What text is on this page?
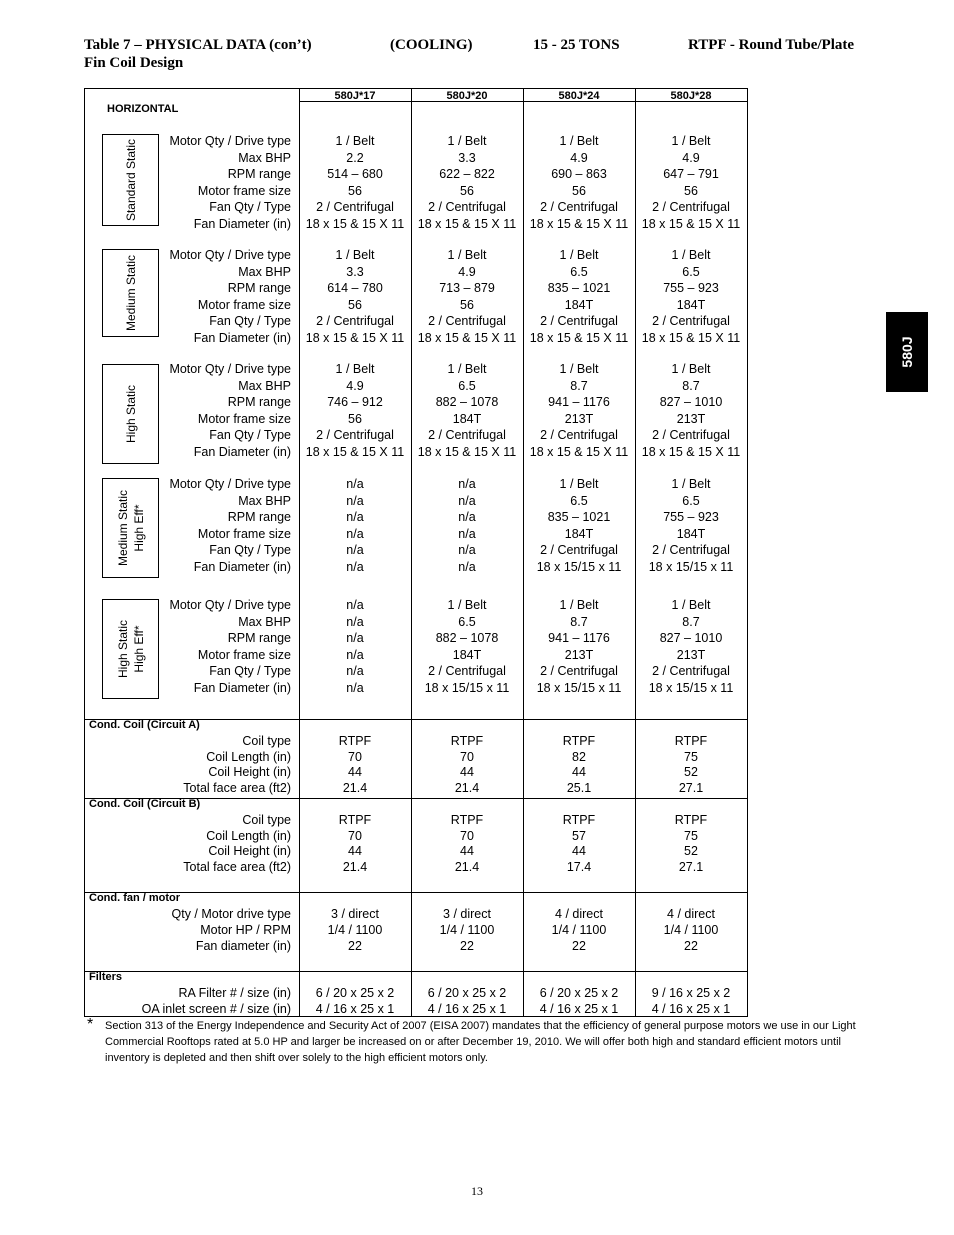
Table 7 – PHYSICAL DATA (con’t)	(COOLING)	15 - 25 TONS	RTPF - Round Tube/Plate
Fin Coil Design
580J
580J*17	580J*20	580J*24	580J*28
HORIZONTAL
Cond. Coil (Circuit A)
Cond. Coil (Circuit B)
Cond. fan / motor
Filters
Standard Static	Motor Qty / Drive type	1 / Belt	1 / Belt	1 / Belt	1 / Belt
Max BHP	2.2	3.3	4.9	4.9
RPM range	514 – 680	622 – 822	690 – 863	647 – 791
Motor frame size	56	56	56	56
Fan Qty / Type	2 / Centrifugal	2 / Centrifugal	2 / Centrifugal	2 / Centrifugal
Fan Diameter (in)	18 x 15 & 15 X 11	18 x 15 & 15 X 11	18 x 15 & 15 X 11	18 x 15 & 15 X 11
Medium Static	Motor Qty / Drive type	1 / Belt	1 / Belt	1 / Belt	1 / Belt
Max BHP	3.3	4.9	6.5	6.5
RPM range	614 – 780	713 – 879	835 – 1021	755 – 923
Motor frame size	56	56	184T	184T
Fan Qty / Type	2 / Centrifugal	2 / Centrifugal	2 / Centrifugal	2 / Centrifugal
Fan Diameter (in)	18 x 15 & 15 X 11	18 x 15 & 15 X 11	18 x 15 & 15 X 11	18 x 15 & 15 X 11
High Static
Motor Qty / Drive type	1 / Belt	1 / Belt	1 / Belt	1 / Belt
Max BHP	4.9	6.5	8.7	8.7
RPM range	746 – 912	882 – 1078	941 – 1176	827 – 1010
Motor frame size	56	184T	213T	213T
Fan Qty / Type	2 / Centrifugal	2 / Centrifugal	2 / Centrifugal	2 / Centrifugal
Fan Diameter (in)	18 x 15 & 15 X 11	18 x 15 & 15 X 11	18 x 15 & 15 X 11	18 x 15 & 15 X 11
Medium Static High Eff*
Motor Qty / Drive type	n/a	n/a	1 / Belt	1 / Belt
Max BHP	n/a	n/a	6.5	6.5
RPM range	n/a	n/a	835 – 1021	755 – 923
Motor frame size	n/a	n/a	184T	184T
Fan Qty / Type	n/a	n/a	2 / Centrifugal	2 / Centrifugal
Fan Diameter (in)	n/a	n/a	18 x 15/15 x 11	18 x 15/15 x 11
High Static High Eff*
Motor Qty / Drive type	n/a	1 / Belt	1 / Belt	1 / Belt
Max BHP	n/a	6.5	8.7	8.7
RPM range	n/a	882 – 1078	941 – 1176	827 – 1010
Motor frame size	n/a	184T	213T	213T
Fan Qty / Type	n/a	2 / Centrifugal	2 / Centrifugal	2 / Centrifugal
Fan Diameter (in)	n/a	18 x 15/15 x 11	18 x 15/15 x 11	18 x 15/15 x 11
Coil type	RTPF	RTPF	RTPF	RTPF
Coil Length (in)	70	70	82	75
Coil Height (in)	44	44	44	52
Total face area (ft2)	21.4	21.4	25.1	27.1
Coil type	RTPF	RTPF	RTPF	RTPF
Coil Length (in)	70	70	57	75
Coil Height (in)	44	44	44	52
Total face area (ft2)	21.4	21.4	17.4	27.1
Qty / Motor drive type	3 / direct	3 / direct	4 / direct	4 / direct
Motor HP / RPM	1/4 / 1100	1/4 / 1100	1/4 / 1100	1/4 / 1100
Fan diameter (in)	22	22	22	22
RA Filter # / size (in)	6 / 20 x 25 x 2	6 / 20 x 25 x 2	6 / 20 x 25 x 2	9 / 16 x 25 x 2
OA inlet screen # / size (in)	4 / 16 x 25 x 1	4 / 16 x 25 x 1	4 / 16 x 25 x 1	4 / 16 x 25 x 1
* Section 313 of the Energy Independence and Security Act of 2007 (EISA 2007) mandates that the efficiency of general purpose motors we use in our Light Commercial Rooftops rated at 5.0 HP and larger be increased on or after December 19, 2010. We will offer both high and standard efficient motors until inventory is depleted and then shift over solely to the high efficient motors only.
13
